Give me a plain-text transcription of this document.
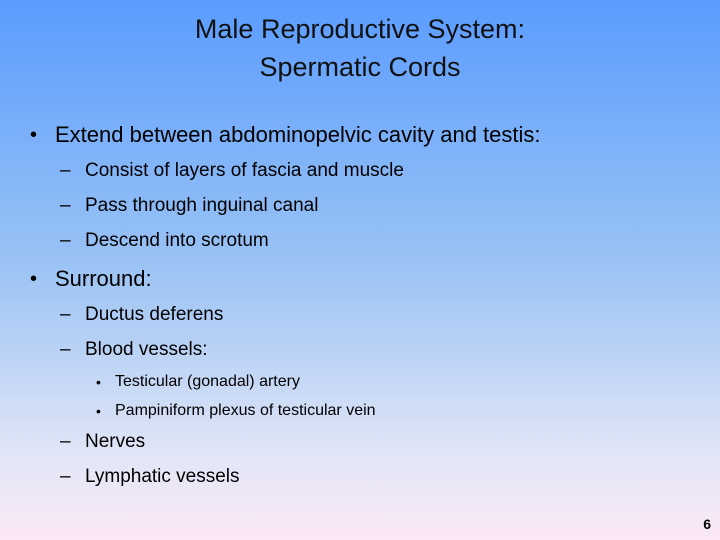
Male Reproductive System:
Spermatic Cords
• Extend between abdominopelvic cavity and testis:
– Consist of layers of fascia and muscle
– Pass through inguinal canal
– Descend into scrotum
• Surround:
– Ductus deferens
– Blood vessels:
• Testicular (gonadal) artery
• Pampiniform plexus of testicular vein
– Nerves
– Lymphatic vessels
6
